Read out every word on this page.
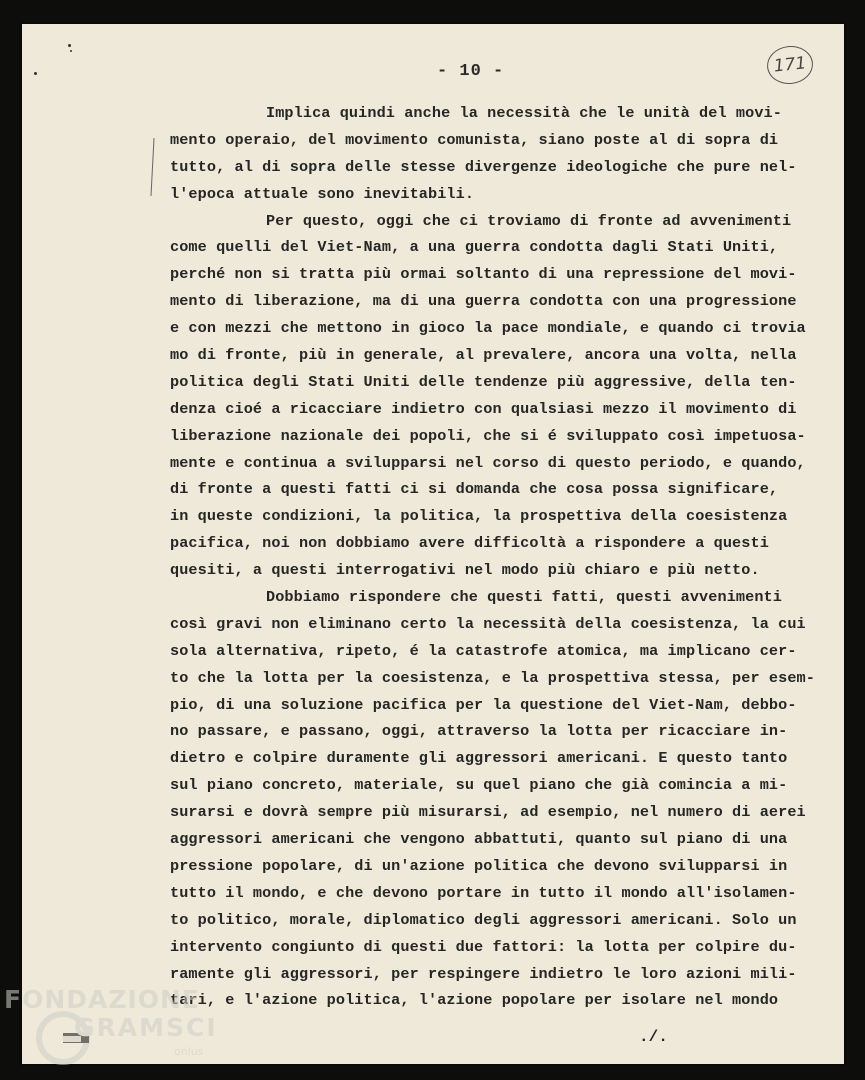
- 10 -	171
Implica quindi anche la necessità che le unità del movi-
mento operaio, del movimento comunista, siano poste al di sopra di
tutto, al di sopra delle stesse divergenze ideologiche che pure nel-
l'epoca attuale sono inevitabili.
Per questo, oggi che ci troviamo di fronte ad avvenimenti
come quelli del Viet-Nam, a una guerra condotta dagli Stati Uniti,
perché non si tratta più ormai soltanto di una repressione del movi-
mento di liberazione, ma di una guerra condotta con una progressione
e con mezzi che mettono in gioco la pace mondiale, e quando ci trovia
mo di fronte, più in generale, al prevalere, ancora una volta, nella
politica degli Stati Uniti delle tendenze più aggressive, della ten-
denza cioé a ricacciare indietro con qualsiasi mezzo il movimento di
liberazione nazionale dei popoli, che si é sviluppato così impetuosa-
mente e continua a svilupparsi nel corso di questo periodo, e quando,
di fronte a questi fatti ci si domanda che cosa possa significare,
in queste condizioni, la politica, la prospettiva della coesistenza
pacifica, noi non dobbiamo avere difficoltà a rispondere a questi
quesiti, a questi interrogativi nel modo più chiaro e più netto.
Dobbiamo rispondere che questi fatti, questi avvenimenti
così gravi non eliminano certo la necessità della coesistenza, la cui
sola alternativa, ripeto, é la catastrofe atomica, ma implicano cer-
to che la lotta per la coesistenza, e la prospettiva stessa, per esem-
pio, di una soluzione pacifica per la questione del Viet-Nam, debbo-
no passare, e passano, oggi, attraverso la lotta per ricacciare in-
dietro e colpire duramente gli aggressori americani. E questo tanto
sul piano concreto, materiale, su quel piano che già comincia a mi-
surarsi e dovrà sempre più misurarsi, ad esempio, nel numero di aerei
aggressori americani che vengono abbattuti, quanto sul piano di una
pressione popolare, di un'azione politica che devono svilupparsi in
tutto il mondo, e che devono portare in tutto il mondo all'isolamen-
to politico, morale, diplomatico degli aggressori americani. Solo un
intervento congiunto di questi due fattori: la lotta per colpire du-
ramente gli aggressori, per respingere indietro le loro azioni mili-
tari, e l'azione politica, l'azione popolare per isolare nel mondo
./.
FONDAZIONE
GRAMSCI
onlus
